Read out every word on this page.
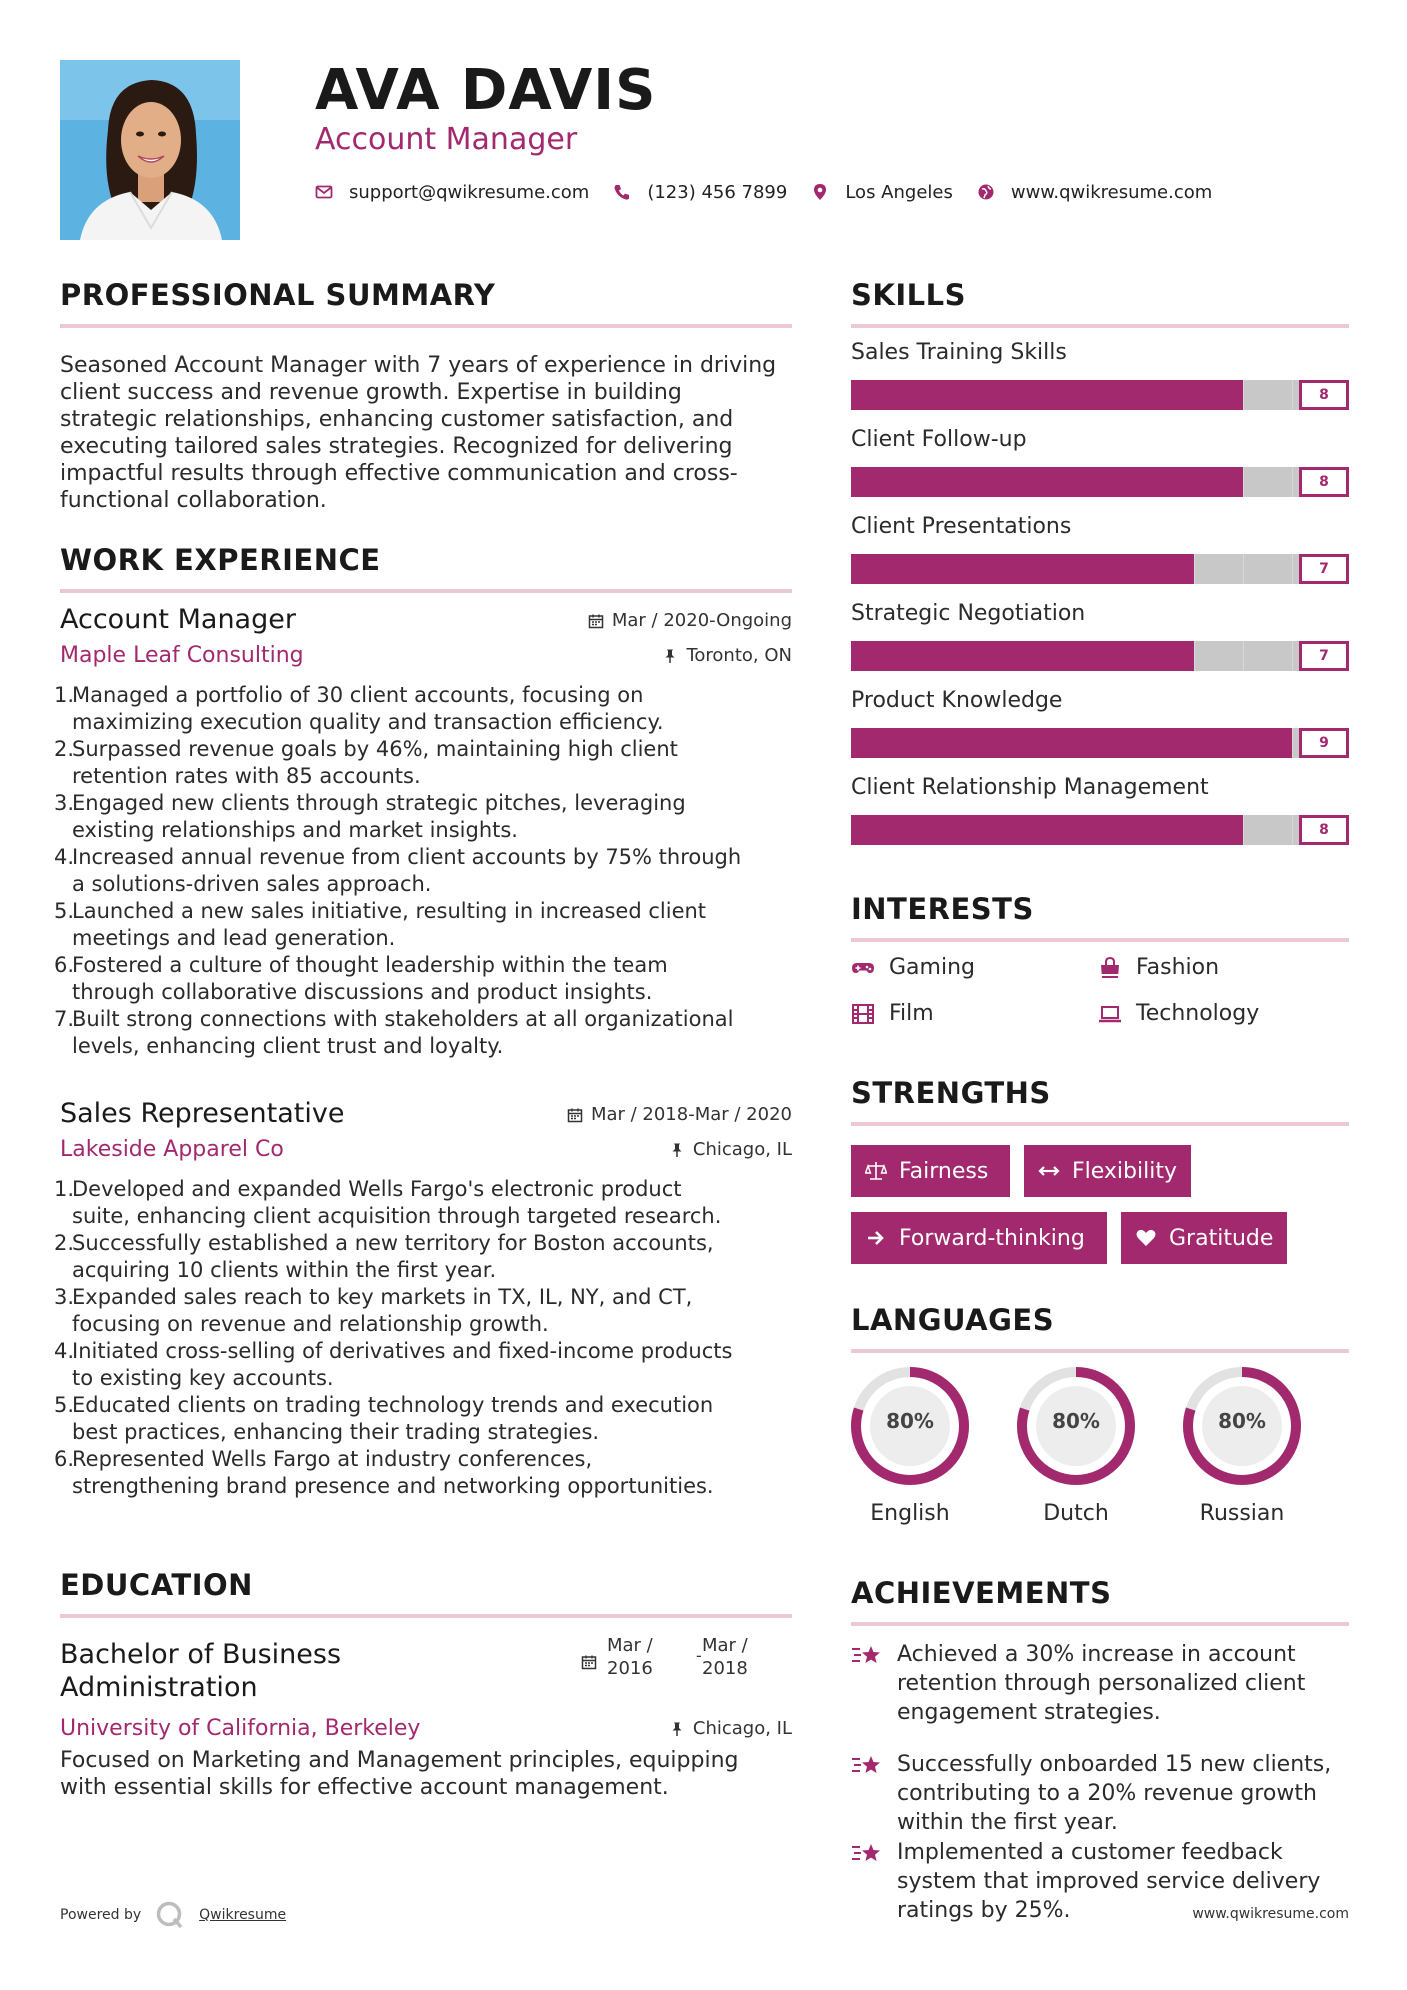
AVA DAVIS
Account Manager
support@qwikresume.com	(123) 456 7899	Los Angeles	www.qwikresume.com
PROFESSIONAL SUMMARY
Seasoned Account Manager with 7 years of experience in driving
client success and revenue growth. Expertise in building
strategic relationships, enhancing customer satisfaction, and
executing tailored sales strategies. Recognized for delivering
impactful results through effective communication and cross-
functional collaboration.
WORK EXPERIENCE
Account Manager	Mar / 2020-Ongoing
Maple Leaf Consulting	Toronto, ON
1.
Managed a portfolio of 30 client accounts, focusing on
maximizing execution quality and transaction efficiency.
2.
Surpassed revenue goals by 46%, maintaining high client
retention rates with 85 accounts.
3.
Engaged new clients through strategic pitches, leveraging
existing relationships and market insights.
4.
Increased annual revenue from client accounts by 75% through
a solutions-driven sales approach.
5.
Launched a new sales initiative, resulting in increased client
meetings and lead generation.
6.
Fostered a culture of thought leadership within the team
through collaborative discussions and product insights.
7.
Built strong connections with stakeholders at all organizational
levels, enhancing client trust and loyalty.
Sales Representative	Mar / 2018-Mar / 2020
Lakeside Apparel Co	Chicago, IL
1.
Developed and expanded Wells Fargo's electronic product
suite, enhancing client acquisition through targeted research.
2.
Successfully established a new territory for Boston accounts,
acquiring 10 clients within the first year.
3.
Expanded sales reach to key markets in TX, IL, NY, and CT,
focusing on revenue and relationship growth.
4.
Initiated cross-selling of derivatives and fixed-income products
to existing key accounts.
5.
Educated clients on trading technology trends and execution
best practices, enhancing their trading strategies.
6.
Represented Wells Fargo at industry conferences,
strengthening brand presence and networking opportunities.
EDUCATION
Bachelor of Business
Administration
Mar /
2016
- Mar /
2018
University of California, Berkeley	Chicago, IL
Focused on Marketing and Management principles, equipping
with essential skills for effective account management.
SKILLS
Sales Training Skills
8
Client Follow-up
8
Client Presentations
7
Strategic Negotiation
7
Product Knowledge
9
Client Relationship Management
8
INTERESTS
Gaming	Fashion
Film	Technology
STRENGTHS
Fairness	Flexibility
Forward-thinking	Gratitude
LANGUAGES
80%
English
80%
Dutch
80%
Russian
ACHIEVEMENTS
Achieved a 30% increase in account
retention through personalized client
engagement strategies.
Successfully onboarded 15 new clients,
contributing to a 20% revenue growth
within the first year.
Implemented a customer feedback
system that improved service delivery
ratings by 25%.
Powered by	Qwikresume	www.qwikresume.com
